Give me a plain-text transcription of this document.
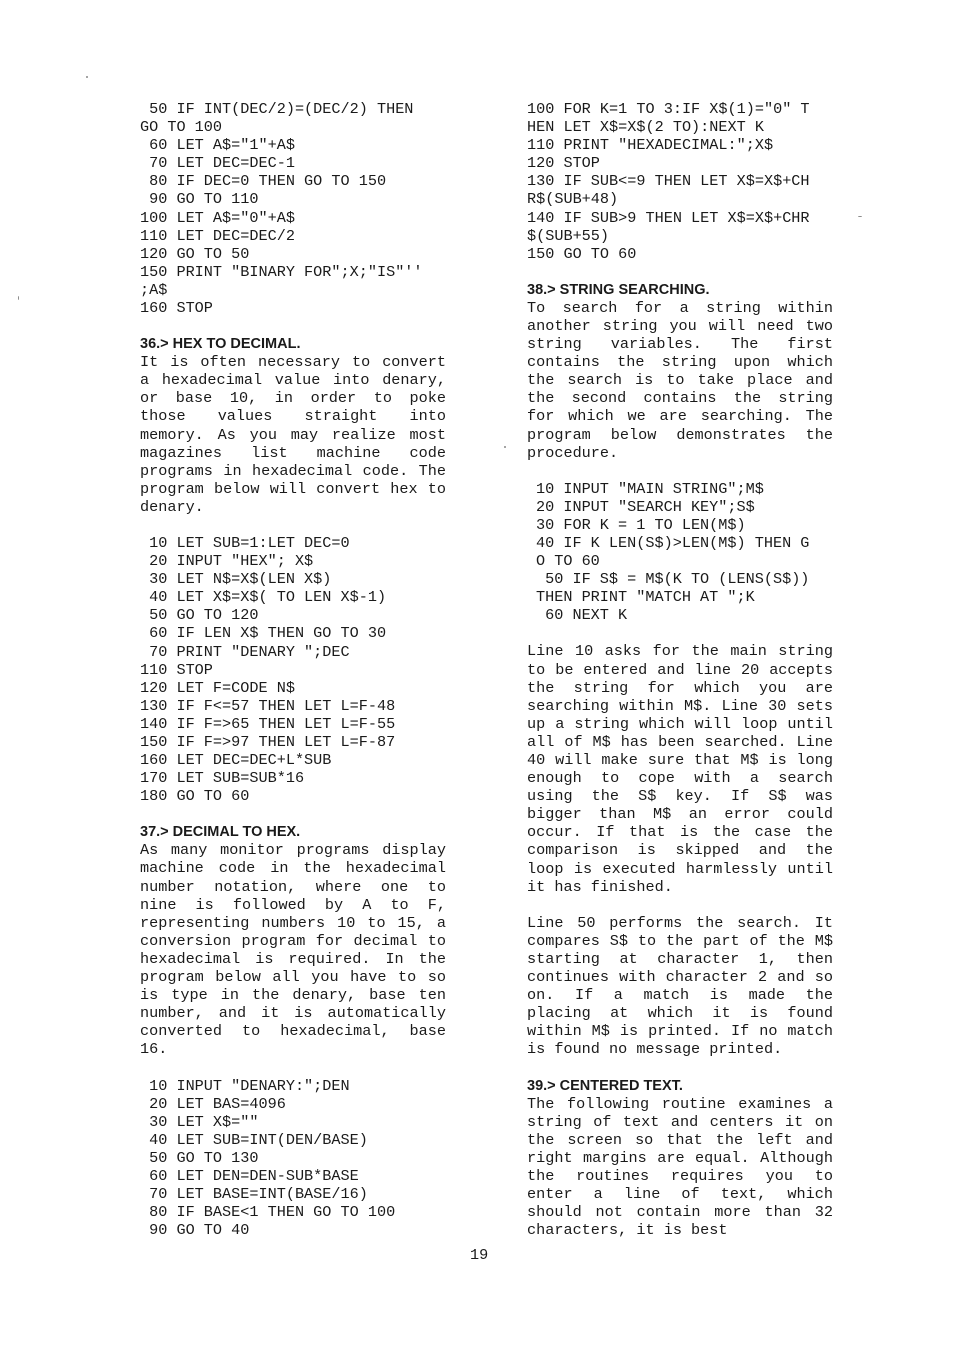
50 IF INT(DEC/2)=(DEC/2) THEN
GO TO 100
60 LET A$="1"+A$
70 LET DEC=DEC-1
80 IF DEC=0 THEN GO TO 150
90 GO TO 110
100 LET A$="0"+A$
110 LET DEC=DEC/2
120 GO TO 50
150 PRINT "BINARY FOR";X;"IS"''
;A$
160 STOP
36.> HEX TO DECIMAL.

It is often necessary to convert a hexadecimal value into denary, or base 10, in order to poke those values straight into memory. As you may realize most magazines list machine code programs in hexadecimal code. The program below will convert hex to denary.

10 LET SUB=1:LET DEC=0
20 INPUT "HEX"; X$
30 LET N$=X$(LEN X$)
40 LET X$=X$( TO LEN X$-1)
50 GO TO 120
60 IF LEN X$ THEN GO TO 30
70 PRINT "DENARY ";DEC
110 STOP
120 LET F=CODE N$
130 IF F<=57 THEN LET L=F-48
140 IF F=>65 THEN LET L=F-55
150 IF F=>97 THEN LET L=F-87
160 LET DEC=DEC+L*SUB
170 LET SUB=SUB*16
180 GO TO 60
37.> DECIMAL TO HEX.

As many monitor programs display machine code in the hexadecimal number notation, where one to nine is followed by A to F, representing numbers 10 to 15, a conversion program for decimal to hexadecimal is required. In the program below all you have to so is type in the denary, base ten number, and it is automatically converted to hexadecimal, base 16.

10 INPUT "DENARY:";DEN
20 LET BAS=4096
30 LET X$=""
40 LET SUB=INT(DEN/BASE)
50 GO TO 130
60 LET DEN=DEN-SUB*BASE
70 LET BASE=INT(BASE/16)
80 IF BASE<1 THEN GO TO 100
90 GO TO 40
100 FOR K=1 TO 3:IF X$(1)="0" T
HEN LET X$=X$(2 TO):NEXT K
110 PRINT "HEXADECIMAL:";X$
120 STOP
130 IF SUB<=9 THEN LET X$=X$+CH
R$(SUB+48)
140 IF SUB>9 THEN LET X$=X$+CHR
$(SUB+55)
150 GO TO 60
38.> STRING SEARCHING.

To search for a string within another string you will need two string variables. The first contains the string upon which the search is to take place and the second contains the string for which we are searching. The program below demonstrates the procedure.

10 INPUT "MAIN STRING";M$
20 INPUT "SEARCH KEY";S$
30 FOR K = 1 TO LEN(M$)
40 IF K LEN(S$)>LEN(M$) THEN G
O TO 60
50 IF S$ = M$(K TO (LENS(S$))
THEN PRINT "MATCH AT ";K
60 NEXT K

Line 10 asks for the main string to be entered and line 20 accepts the string for which you are searching within M$. Line 30 sets up a string which will loop until all of M$ has been searched. Line 40 will make sure that M$ is long enough to cope with a search using the S$ key. If S$ was bigger than M$ an error could occur. If that is the case the comparison is skipped and the loop is executed harmlessly until it has finished.

Line 50 performs the search. It compares S$ to the part of the M$ starting at character 1, then continues with character 2 and so on. If a match is made the placing at which it is found within M$ is printed. If no match is found no message printed.

39.> CENTERED TEXT.

The following routine examines a string of text and centers it on the screen so that the left and right margins are equal. Although the routines requires you to enter a line of text, which should not contain more than 32 characters, it is best

19
